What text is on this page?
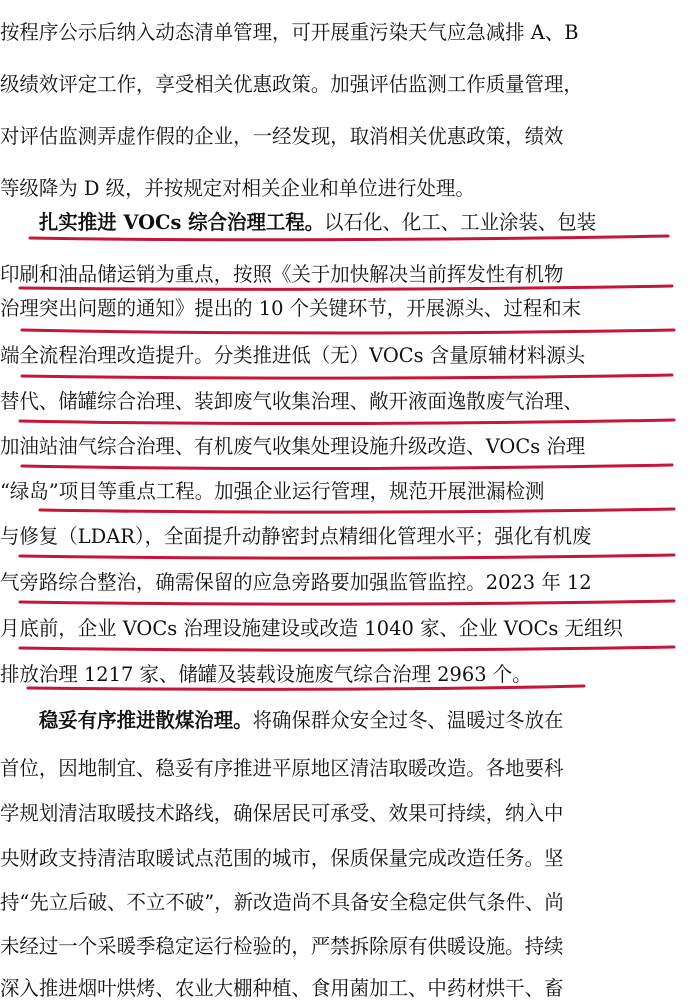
按程序公示后纳入动态清单管理，可开展重污染天气应急减排 A、B
级绩效评定工作，享受相关优惠政策。加强评估监测工作质量管理，
对评估监测弄虚作假的企业，一经发现，取消相关优惠政策，绩效
等级降为 D 级，并按规定对相关企业和单位进行处理。
扎实推进 VOCs 综合治理工程。以石化、化工、工业涂装、包装
印刷和油品储运销为重点，按照《关于加快解决当前挥发性有机物
治理突出问题的通知》提出的 10 个关键环节，开展源头、过程和末
端全流程治理改造提升。分类推进低（无）VOCs 含量原辅材料源头
替代、储罐综合治理、装卸废气收集治理、敞开液面逸散废气治理、
加油站油气综合治理、有机废气收集处理设施升级改造、VOCs 治理
“绿岛”项目等重点工程。加强企业运行管理，规范开展泄漏检测
与修复（LDAR），全面提升动静密封点精细化管理水平；强化有机废
气旁路综合整治，确需保留的应急旁路要加强监管监控。2023 年 12
月底前，企业 VOCs 治理设施建设或改造 1040 家、企业 VOCs 无组织
排放治理 1217 家、储罐及装载设施废气综合治理 2963 个。
稳妥有序推进散煤治理。将确保群众安全过冬、温暖过冬放在
首位，因地制宜、稳妥有序推进平原地区清洁取暖改造。各地要科
学规划清洁取暖技术路线，确保居民可承受、效果可持续，纳入中
央财政支持清洁取暖试点范围的城市，保质保量完成改造任务。坚
持“先立后破、不立不破”，新改造尚不具备安全稳定供气条件、尚
未经过一个采暖季稳定运行检验的，严禁拆除原有供暖设施。持续
深入推进烟叶烘烤、农业大棚种植、食用菌加工、中药材烘干、畜
